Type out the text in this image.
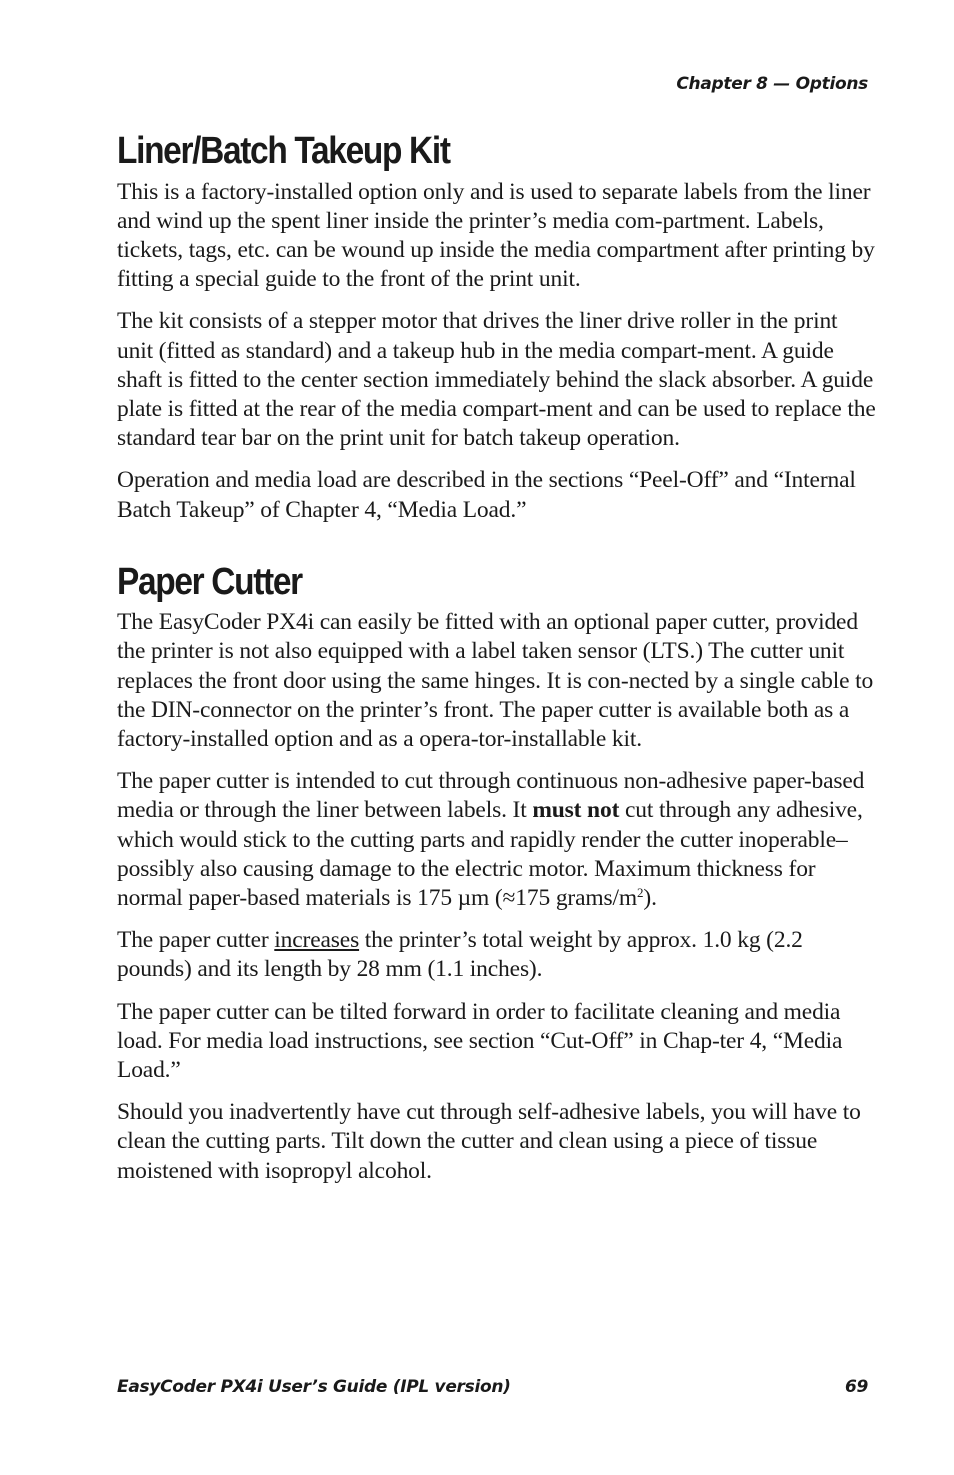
Chapter 8 — Options
Liner/Batch Takeup Kit

This is a factory-installed option only and is used to separate labels from the liner and wind up the spent liner inside the printer’s media com-partment. Labels, tickets, tags, etc. can be wound up inside the media compartment after printing by fitting a special guide to the front of the print unit.

The kit consists of a stepper motor that drives the liner drive roller in the print unit (fitted as standard) and a takeup hub in the media compart-ment. A guide shaft is fitted to the center section immediately behind the slack absorber. A guide plate is fitted at the rear of the media compart-ment and can be used to replace the standard tear bar on the print unit for batch takeup operation.

Operation and media load are described in the sections “Peel-Off” and “Internal Batch Takeup” of Chapter 4, “Media Load.”

Paper Cutter

The EasyCoder PX4i can easily be fitted with an optional paper cutter, provided the printer is not also equipped with a label taken sensor (LTS.) The cutter unit replaces the front door using the same hinges. It is con-nected by a single cable to the DIN-connector on the printer’s front. The paper cutter is available both as a factory-installed option and as a opera-tor-installable kit.

The paper cutter is intended to cut through continuous non-adhesive paper-based media or through the liner between labels. It must not cut through any adhesive, which would stick to the cutting parts and rapidly render the cutter inoperable–possibly also causing damage to the electric motor. Maximum thickness for normal paper-based materials is 175 µm (≈175 grams/$m^2$).

The paper cutter increases the printer’s total weight by approx. 1.0 kg (2.2 pounds) and its length by 28 mm (1.1 inches).

The paper cutter can be tilted forward in order to facilitate cleaning and media load. For media load instructions, see section “Cut-Off” in Chap-ter 4, “Media Load.”

Should you inadvertently have cut through self-adhesive labels, you will have to clean the cutting parts. Tilt down the cutter and clean using a piece of tissue moistened with isopropyl alcohol.

EasyCoder PX4i User’s Guide (IPL version)	69
